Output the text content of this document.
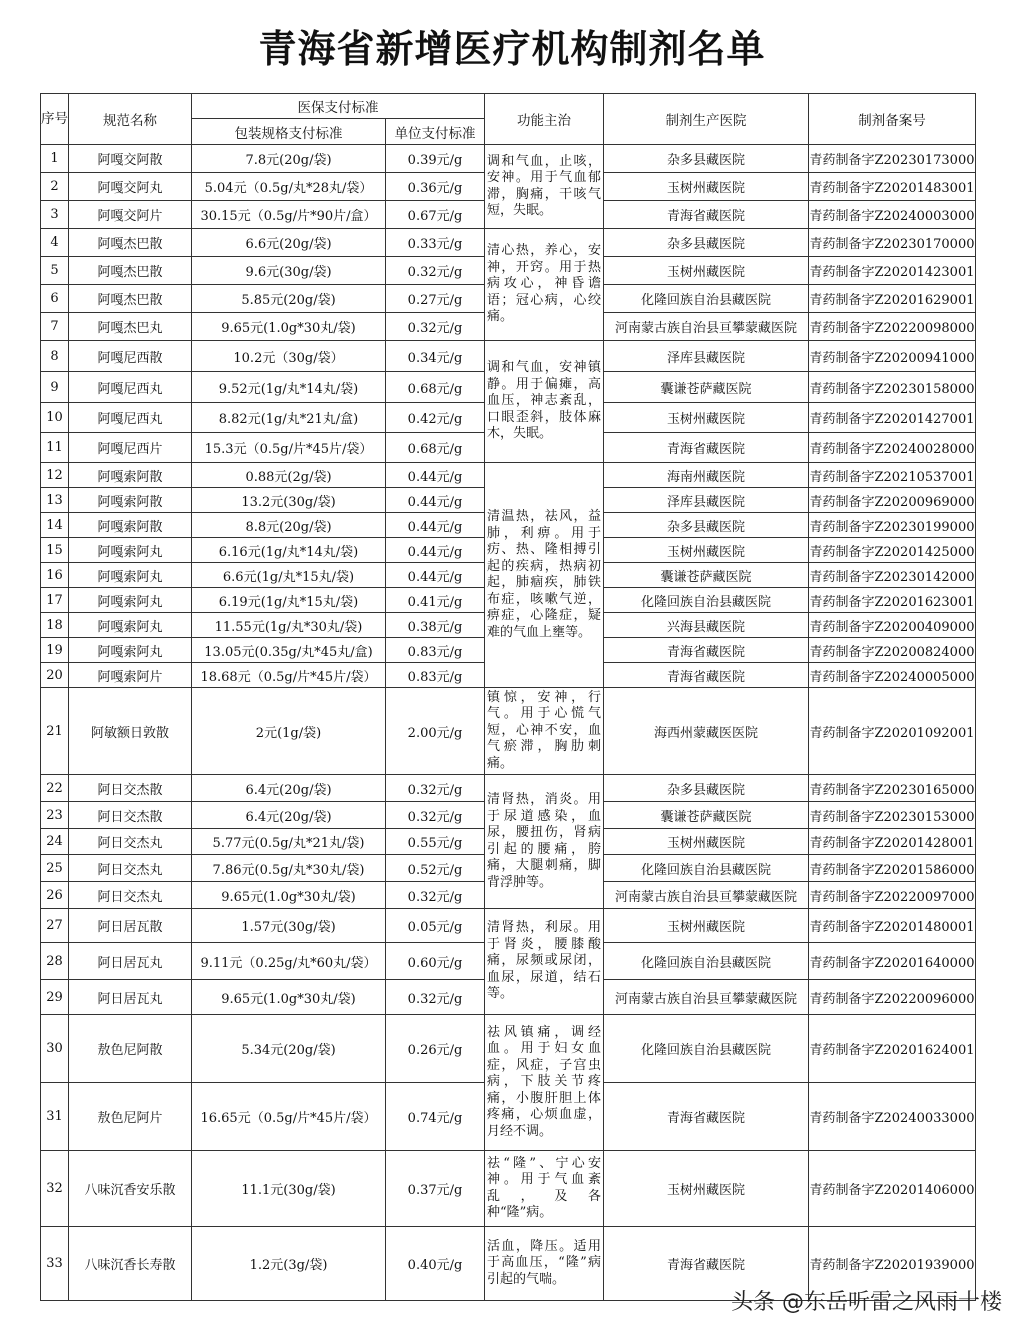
青海省新增医疗机构制剂名单
序号	规范名称	医保支付标准		功能主治	制剂生产医院	制剂备案号
		包装规格支付标准	单位支付标准			
1	阿嘎交阿散	7.8元(20g/袋)	0.39元/g	调和气血，止咳，安神。用于气血郁滞，胸痛，干咳气短，失眠。	杂多县藏医院	青药制备字Z20230173000
2	阿嘎交阿丸	5.04元（0.5g/丸*28丸/袋）	0.36元/g		玉树州藏医院	青药制备字Z20201483001
3	阿嘎交阿片	30.15元（0.5g/片*90片/盒）	0.67元/g		青海省藏医院	青药制备字Z20240003000
4	阿嘎杰巴散	6.6元(20g/袋)	0.33元/g	清心热，养心，安神，开窍。用于热病攻心，神昏谵语；冠心病，心绞痛。	杂多县藏医院	青药制备字Z20230170000
5	阿嘎杰巴散	9.6元(30g/袋)	0.32元/g		玉树州藏医院	青药制备字Z20201423001
6	阿嘎杰巴散	5.85元(20g/袋)	0.27元/g		化隆回族自治县藏医院	青药制备字Z20201629001
7	阿嘎杰巴丸	9.65元(1.0g*30丸/袋)	0.32元/g		河南蒙古族自治县亘攀蒙藏医院	青药制备字Z20220098000
8	阿嘎尼西散	10.2元（30g/袋）	0.34元/g	调和气血，安神镇静。用于偏瘫，高血压，神志紊乱，口眼歪斜，肢体麻木，失眠。	泽库县藏医院	青药制备字Z20200941000
9	阿嘎尼西丸	9.52元(1g/丸*14丸/袋)	0.68元/g		囊谦苍萨藏医院	青药制备字Z20230158000
10	阿嘎尼西丸	8.82元(1g/丸*21丸/盒)	0.42元/g		玉树州藏医院	青药制备字Z20201427001
11	阿嘎尼西片	15.3元（0.5g/片*45片/袋）	0.68元/g		青海省藏医院	青药制备字Z20240028000
12	阿嘎索阿散	0.88元(2g/袋)	0.44元/g	清温热，祛风，益肺，利痹。用于疠、热、隆相搏引起的疾病，热病初起，肺痼疾，肺铁布症，咳嗽气逆，痹症，心隆症，疑难的气血上壅等。	海南州藏医院	青药制备字Z20210537001
13	阿嘎索阿散	13.2元(30g/袋)	0.44元/g		泽库县藏医院	青药制备字Z20200969000
14	阿嘎索阿散	8.8元(20g/袋)	0.44元/g		杂多县藏医院	青药制备字Z20230199000
15	阿嘎索阿丸	6.16元(1g/丸*14丸/袋)	0.44元/g		玉树州藏医院	青药制备字Z20201425000
16	阿嘎索阿丸	6.6元(1g/丸*15丸/袋)	0.44元/g		囊谦苍萨藏医院	青药制备字Z20230142000
17	阿嘎索阿丸	6.19元(1g/丸*15丸/袋)	0.41元/g		化隆回族自治县藏医院	青药制备字Z20201623001
18	阿嘎索阿丸	11.55元(1g/丸*30丸/袋)	0.38元/g		兴海县藏医院	青药制备字Z20200409000
19	阿嘎索阿丸	13.05元(0.35g/丸*45丸/盒)	0.83元/g		青海省藏医院	青药制备字Z20200824000
20	阿嘎索阿片	18.68元（0.5g/片*45片/袋）	0.83元/g		青海省藏医院	青药制备字Z20240005000
21	阿敏额日敦散	2元(1g/袋)	2.00元/g	镇惊，安神，行气。用于心慌气短，心神不安，血气瘀滞，胸肋刺痛。	海西州蒙藏医医院	青药制备字Z20201092001
22	阿日交杰散	6.4元(20g/袋)	0.32元/g	清肾热，消炎。用于尿道感染，血尿，腰扭伤，肾病引起的腰痛，胯痛，大腿刺痛，脚背浮肿等。	杂多县藏医院	青药制备字Z20230165000
23	阿日交杰散	6.4元(20g/袋)	0.32元/g		囊谦苍萨藏医院	青药制备字Z20230153000
24	阿日交杰丸	5.77元(0.5g/丸*21丸/袋)	0.55元/g		玉树州藏医院	青药制备字Z20201428001
25	阿日交杰丸	7.86元(0.5g/丸*30丸/袋)	0.52元/g		化隆回族自治县藏医院	青药制备字Z20201586000
26	阿日交杰丸	9.65元(1.0g*30丸/袋)	0.32元/g		河南蒙古族自治县亘攀蒙藏医院	青药制备字Z20220097000
27	阿日居瓦散	1.57元(30g/袋)	0.05元/g	清肾热，利尿。用于肾炎，腰膝酸痛，尿频或尿闭，血尿，尿道，结石等。	玉树州藏医院	青药制备字Z20201480001
28	阿日居瓦丸	9.11元（0.25g/丸*60丸/袋）	0.60元/g		化隆回族自治县藏医院	青药制备字Z20201640000
29	阿日居瓦丸	9.65元(1.0g*30丸/袋)	0.32元/g		河南蒙古族自治县亘攀蒙藏医院	青药制备字Z20220096000
30	敖色尼阿散	5.34元(20g/袋)	0.26元/g	祛风镇痛，调经血。用于妇女血症，风症，子宫虫病，下肢关节疼痛，小腹肝胆上体疼痛，心烦血虚，月经不调。	化隆回族自治县藏医院	青药制备字Z20201624001
31	敖色尼阿片	16.65元（0.5g/片*45片/袋）	0.74元/g		青海省藏医院	青药制备字Z20240033000
32	八味沉香安乐散	11.1元(30g/袋)	0.37元/g	祛“隆”、宁心安神。用于气血紊乱，及各种“隆”病。	玉树州藏医院	青药制备字Z20201406000
33	八味沉香长寿散	1.2元(3g/袋)	0.40元/g	活血，降压。适用于高血压，“隆”病引起的气喘。	青海省藏医院	青药制备字Z20201939000
头条 @东岳听雷之风雨十楼
